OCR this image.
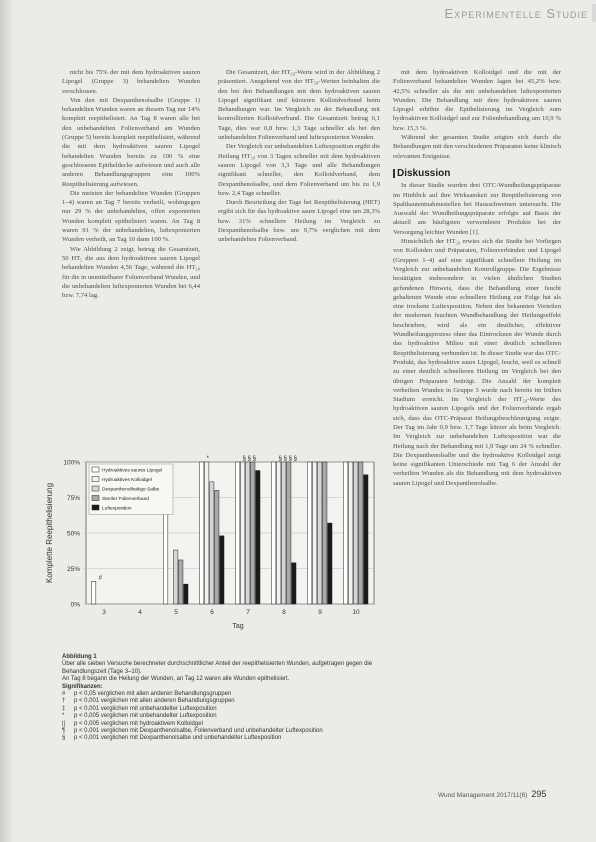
Experimentelle Studie

nicht bis 75% der mit dem hydroaktiven sauren Lipogel (Gruppe 3) behandelten Wunden verschlossen.

Von den mit Dexpanthenolsalbe (Gruppe 1) behandelten Wunden waren an diesem Tag nur 14% komplett reepithelisiert. An Tag 8 waren alle bei den unbehandelten Folienverband am Wunden (Gruppe 5) bereits komplett reepithelisiert, während die mit dem hydroaktiven sauren Lipogel behandelten Wunden bereits zu 100 % eine geschlossene Epitheldecke aufwiesen und auch alle anderen Behandlungsgruppen eine 100% Reepithelisierung aufwiesen.

Die meisten der behandelten Wunden (Gruppen 1–4) waren an Tag 7 bereits verheilt, wohingegen nur 29 % der unbehandelten, offen exponierten Wunden komplett epithelisiert waren. An Tag 8 waren 91 % der unbehandelten, luftexponierten Wunden verheilt, an Tag 10 dann 100 %.

Wie Abbildung 2 zeigt, betrug die Gesamtzeit, 50 HT₅ die aus dem hydroaktiven sauren Lipogel behandelten Wunden 4,56 Tage, während die HT₅₀ für die in unmittelbarer Folienverband Wunden, und die unbehandelten luftexponierten Wunden bei 6,44 bzw. 7,74 lag.

Die Gesamtzeit, der HT₅₀-Werte wird in der Abbildung 2 präsentiert. Ansgehend von der HT₅₀-Werten beinhalten die den bei den Behandlungen mit dem hydroaktiven sauren Lipogel signifikant und kürzeren Kolloidverbund beim Behandlungen war. Im Vergleich zu der Behandlung mit kontrollierten Kolloidverbund. Die Gesamtzeit betrug 6,1 Tage, dies war 0,8 bzw. 1,3 Tage schneller als bei den unbehandelten Folienverband und luftexponierten Wunden.

Der Vergleich zur unbehandelten Luftexposition ergibt die Heilung HT₅₀ von 3 Tagen schneller mit dem hydroaktiven sauren Lipogel von 3,3 Tage und alle Behandlungen signifikant schneller, den Kolloidverband, dem Dexpanthenolsalbe, und dem Folienverband um bis zu 1,9 bzw. 2,4 Tage schneller.

Durch Beurteilung der Tage bei Reepithelisierung (HET) ergibt sich für das hydroaktive saure Lipogel eine um 28,3% bzw. 31% schnellere Heilung im Vergleich zu Dexpanthenolsalbe bzw. um 9,7% verglichen mit dem unbehandelten Folienverband.

mit dem hydroaktiven Kolloidgel und die mit der Folienverband behandelten Wunden lagen bei 45,2% bzw. 42,5% schneller als die mit unbehandelten luftexponierten Wunden. Die Behandlung mit dem hydroaktiven sauren Lipogel erhöhte die Epithelisierung im Vergleich zum hydroaktiven Kolloidgel und zur Folienbehandlung um 10,9 % bzw. 15,3 %.

Während der gesamten Studie zeigten sich durch die Behandlungen mit den verschiedenen Präparaten keine klinisch relevanten Ereignisse.

Diskussion

In dieser Studie wurden drei OTC-Wundheilungspräparate im Hinblick auf ihre Wirksamkeit zur Reepithelisierung von Spalthautentnahmestellen bei Hausschweinen untersucht. Die Auswahl der Wundheilungspräparate erfolgte auf Basis der aktuell am häufigsten verwendeten Produkte bei der Versorgung leichter Wunden [1].

Hinsichtlich der HT₅₀ erwies sich die Studie bei Vorliegen von Kolloiden und Präparaten, Folienverbänden und Lipogel (Gruppen 1–4) auf eine signifikant schnellere Heilung im Vergleich zur unbehandelten Kontrollgruppe. Die Ergebnisse bestätigten insbesondere in vielen ähnlichen Studien gefundenen Hinweis, dass die Behandlung einer feucht gehaltenen Wunde eine schnellere Heilung zur Folge hat als eine trockene Luftexposition. Neben den bekannten Vorteilen der modernen feuchten Wundbehandlung der Heilungseffekt beschrieben, wird als ein deutlicher, effektiver Wundheilungsprozess ohne das Eintrocknen der Wunde durch das hydroaktive Milieu mit einer deutlich schnelleren Reepithelisierung verbunden ist. In dieser Studie war das OTC-Produkt, das hydroaktive saure Lipogel, feucht, weil es schnell zu einer deutlich schnelleren Heilung im Vergleich bei den übrigen Präparaten beiträgt. Die Anzahl der komplett verheilten Wunden in Gruppe 3 wurde nach bereits im frühen Stadium erreicht. Im Vergleich der HT₅₀-Werte des hydroaktiven sauren Lipogels und der Folienverbände ergab sich, dass das OTC-Präparat Heilungsbeschleunigung zeigte. Der Tag im Jahr 0,9 bzw. 1,7 Tage kürzer als beim Vergleich. Im Vergleich zur unbehandelten Luftexposition war die Heilung nach der Behandlung mit 1,9 Tage um 24 % schneller. Die Dexpanthenolsalbe und die hydroaktive Kolloidgel zeigt keine signifikanten Unterschiede mit Tag 6 der Anzahl der verheilten Wunden als die Behandlung mit dem hydroaktiven sauren Lipogel und Dexpanthenolsalbe.

0%
25%
50%
75%
100%
Komplette Reepithelisierung
3	4	5	6	7	8	9	10
#
*	§ § §	§ § § §
Tag
Hydroaktives saures Lipogel
Hydroaktives Kolloidgel
Dexpanthenolhaltige Salbe
Steriler Folienverband
Luftexposition
Abbildung 1
Über alle sieben Versuche berechneter durchschnittlicher Anteil der reepithelisierten Wunden, aufgetragen gegen die Behandlungszeit (Tage 3–10).
An Tag 8 begann die Heilung der Wunden, an Tag 12 waren alle Wunden epithelisiert.
Signifikanzen:
#	p < 0,05 verglichen mit allen anderen Behandlungsgruppen
†	p < 0,001 verglichen mit allen anderen Behandlungsgruppen
‡	p < 0,001 verglichen mit unbehandelter Luftexposition
*	p < 0,005 verglichen mit unbehandelter Luftexposition
||	p < 0,005 verglichen mit hydroaktivem Kolloidgel
¶	p < 0,001 verglichen mit Dexpanthenolsalbe, Folienverband und unbehandelter Luftexposition
§	p < 0,001 verglichen mit Dexpanthenolsalbe und unbehandelter Luftexposition
Wund Management 2017/11(6) 295
